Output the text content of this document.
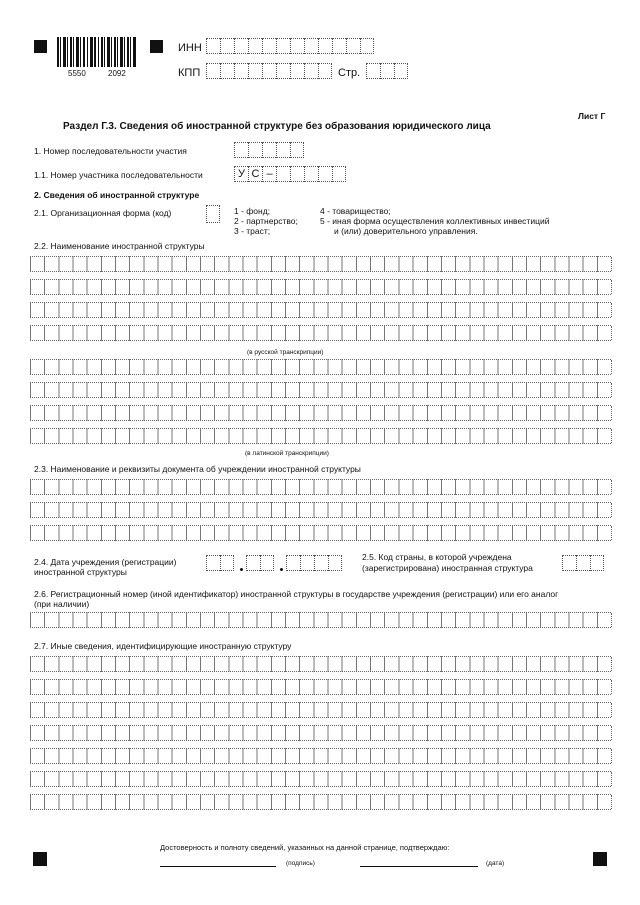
5550	2092
ИНН
КПП	Стр.
Лист Г
Раздел Г.3. Сведения об иностранной структуре без образования юридического лица
1. Номер последовательности участия
1.1. Номер участника последовательности	У С –
2. Сведения об иностранной структуре
2.1. Организационная форма (код)	1 - фонд;
2 - партнерство;
3 - траст;
4 - товарищество;
5 - иная форма осуществления коллективных инвестиций
и (или) доверительного управления.
2.2. Наименование иностранной структуры
(в русской транскрипции)
(в латинской транскрипции)
2.3. Наименование и реквизиты документа об учреждении иностранной структуры
2.4. Дата учреждения (регистрации)
иностранной структуры
2.5. Код страны, в которой учреждена
(зарегистрирована) иностранная структура
2.6. Регистрационный номер (иной идентификатор) иностранной структуры в государстве учреждения (регистрации) или его аналог
(при наличии)
2.7. Иные сведения, идентифицирующие иностранную структуру
Достоверность и полноту сведений, указанных на данной странице, подтверждаю:
(подпись)	(дата)
